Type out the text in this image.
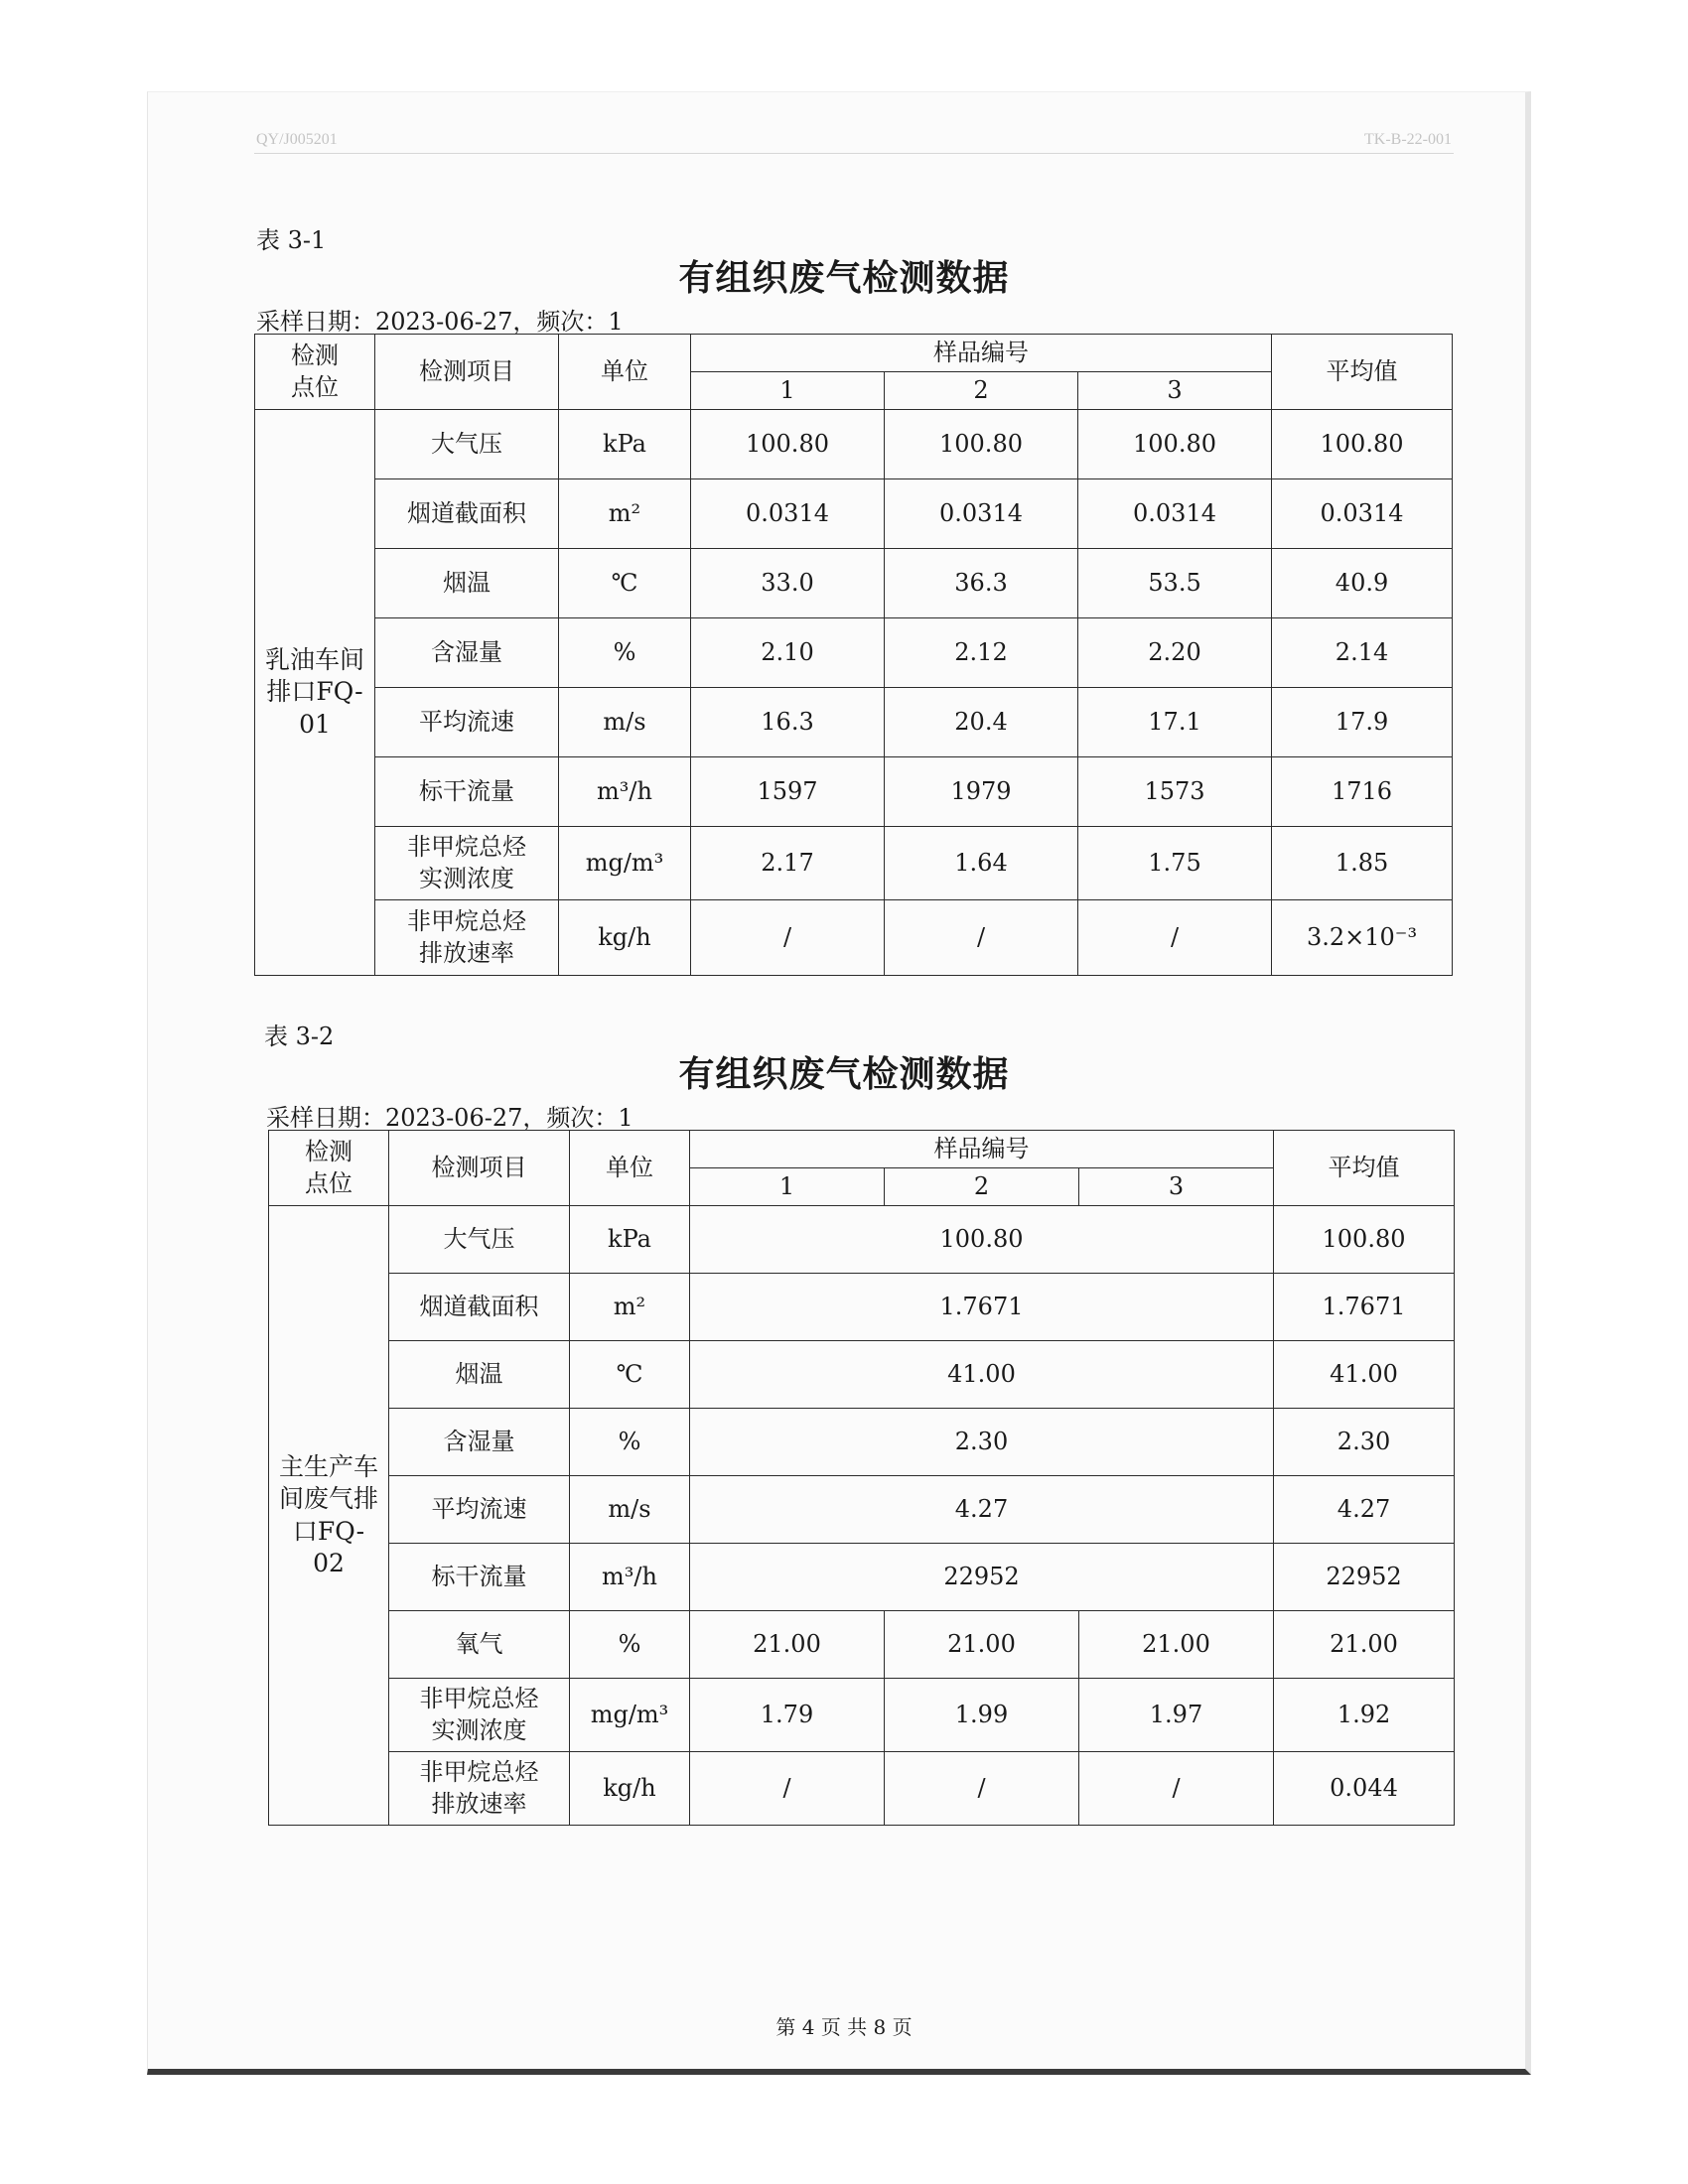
QY/J005201	TK-B-22-001
表 3-1
有组织废气检测数据
采样日期：2023-06-27，频次：1
检测点位	检测项目	单位	样品编号			平均值
			1	2	3	
乳油车间排口FQ-01	大气压	kPa	100.80	100.80	100.80	100.80
	烟道截面积	m²	0.0314	0.0314	0.0314	0.0314
	烟温	℃	33.0	36.3	53.5	40.9
	含湿量	%	2.10	2.12	2.20	2.14
	平均流速	m/s	16.3	20.4	17.1	17.9
	标干流量	m³/h	1597	1979	1573	1716
	非甲烷总烃实测浓度	mg/m³	2.17	1.64	1.75	1.85
	非甲烷总烃排放速率	kg/h	/	/	/	3.2×10⁻³
表 3-2
有组织废气检测数据
采样日期：2023-06-27，频次：1
检测点位	检测项目	单位	样品编号			平均值
			1	2	3	
主生产车间废气排口FQ-02	大气压	kPa	100.80			100.80
	烟道截面积	m²	1.7671			1.7671
	烟温	℃	41.00			41.00
	含湿量	%	2.30			2.30
	平均流速	m/s	4.27			4.27
	标干流量	m³/h	22952			22952
	氧气	%	21.00	21.00	21.00	21.00
	非甲烷总烃实测浓度	mg/m³	1.79	1.99	1.97	1.92
	非甲烷总烃排放速率	kg/h	/	/	/	0.044
第 4 页 共 8 页
